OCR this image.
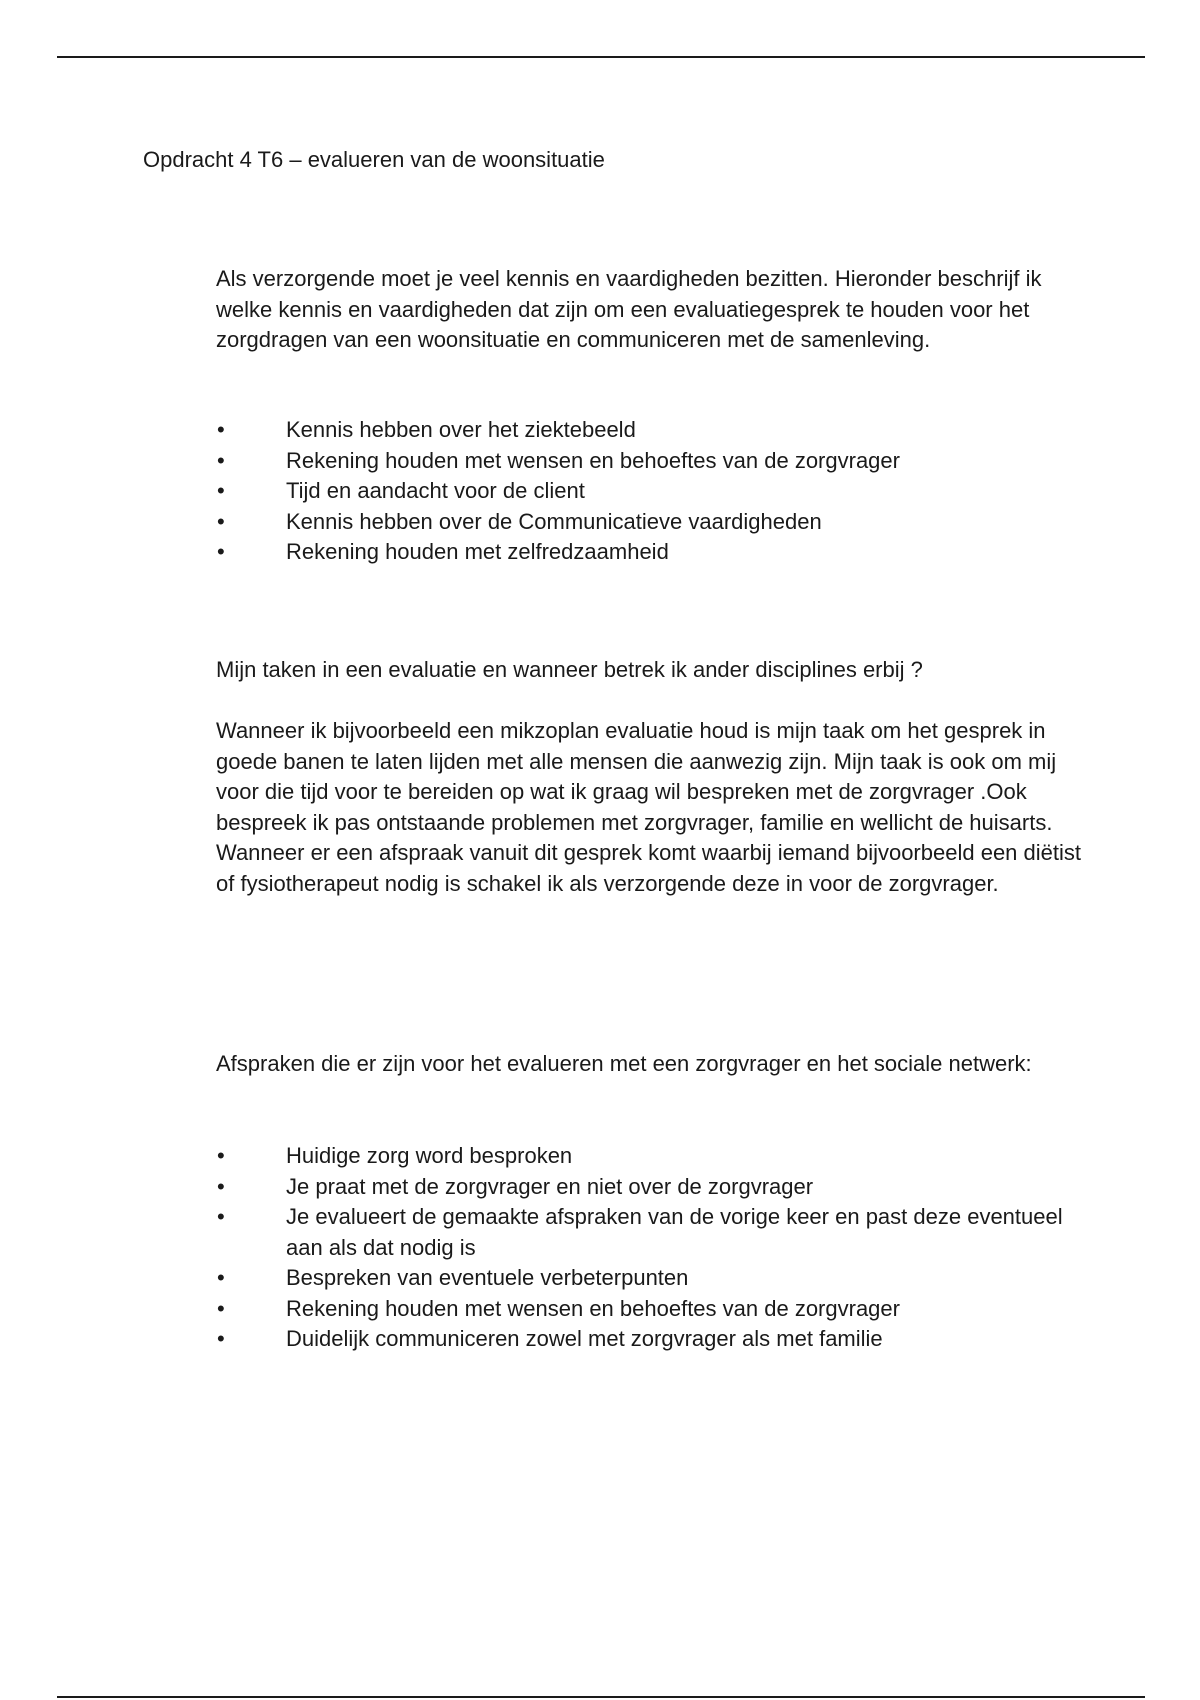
Opdracht 4 T6 – evalueren van de woonsituatie

Als verzorgende moet je veel kennis en vaardigheden bezitten. Hieronder beschrijf ik welke kennis en vaardigheden dat zijn om een evaluatiegesprek te houden voor het zorgdragen van een woonsituatie en communiceren met de samenleving.

•	Kennis hebben over het ziektebeeld
•	Rekening houden met wensen en behoeftes van de zorgvrager
•	Tijd en aandacht voor de client
•	Kennis hebben over de Communicatieve vaardigheden
•	Rekening houden met zelfredzaamheid

Mijn taken in een evaluatie en wanneer betrek ik ander disciplines erbij ?

Wanneer ik bijvoorbeeld een mikzoplan evaluatie houd is mijn taak om het gesprek in goede banen te laten lijden met alle mensen die aanwezig zijn. Mijn taak is ook om mij voor die tijd voor te bereiden op wat ik graag wil bespreken met de zorgvrager .Ook bespreek ik pas ontstaande problemen met zorgvrager, familie en wellicht de huisarts. Wanneer er een afspraak vanuit dit gesprek komt waarbij iemand bijvoorbeeld een diëtist of fysiotherapeut nodig is schakel ik als verzorgende deze in voor de zorgvrager.

Afspraken die er zijn voor het evalueren met een zorgvrager en het sociale netwerk:

•	Huidige zorg word besproken
•	Je praat met de zorgvrager en niet over de zorgvrager
•	Je evalueert de gemaakte afspraken van de vorige keer en past deze eventueel aan als dat nodig is
•	Bespreken van eventuele verbeterpunten
•	Rekening houden met wensen en behoeftes van de zorgvrager
•	Duidelijk communiceren zowel met zorgvrager als met familie
